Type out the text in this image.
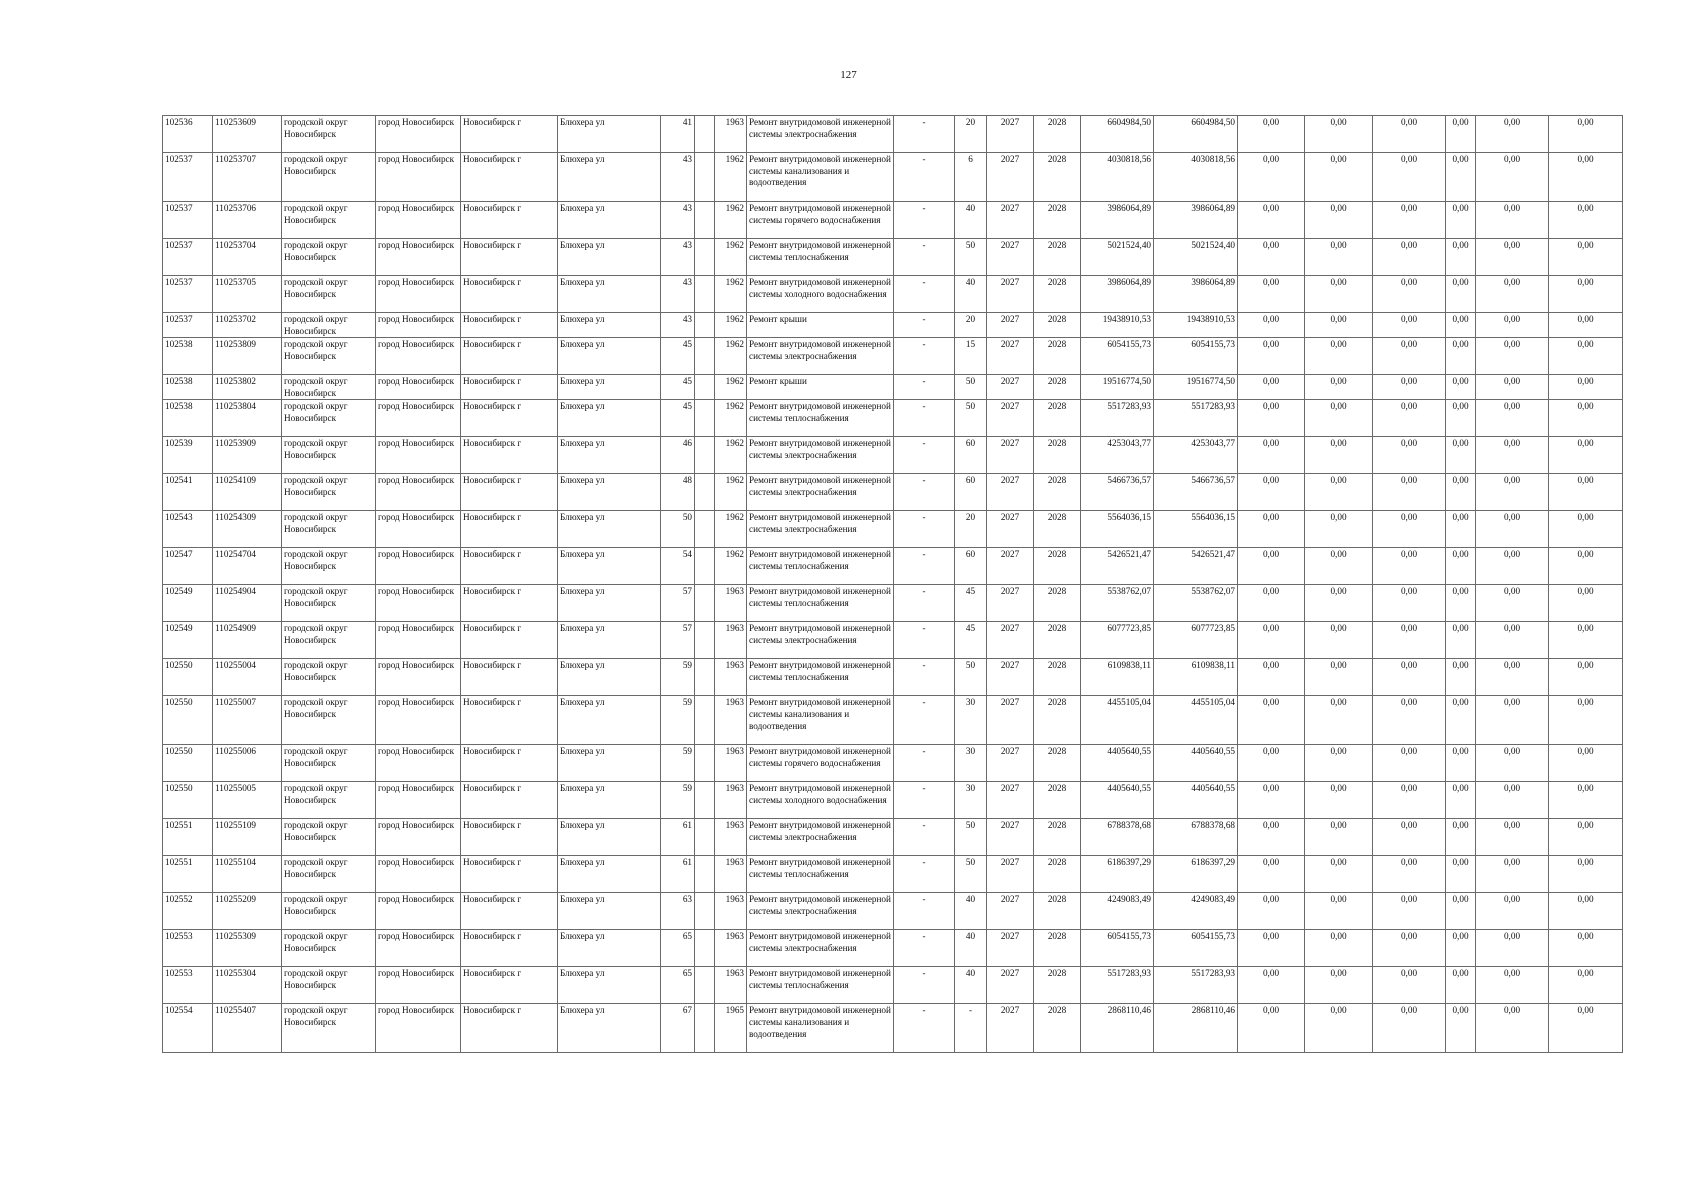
127
102536	110253609	городской округ Новосибирск	город Новосибирск	Новосибирск г	Блюхера ул	41		1963	Ремонт внутридомовой инженерной системы электроснабжения	-	20	2027	2028	6604984,50	6604984,50	0,00	0,00	0,00	0,00	0,00	0,00
102537	110253707	городской округ Новосибирск	город Новосибирск	Новосибирск г	Блюхера ул	43		1962	Ремонт внутридомовой инженерной системы канализования и водоотведения	-	6	2027	2028	4030818,56	4030818,56	0,00	0,00	0,00	0,00	0,00	0,00
102537	110253706	городской округ Новосибирск	город Новосибирск	Новосибирск г	Блюхера ул	43		1962	Ремонт внутридомовой инженерной системы горячего водоснабжения	-	40	2027	2028	3986064,89	3986064,89	0,00	0,00	0,00	0,00	0,00	0,00
102537	110253704	городской округ Новосибирск	город Новосибирск	Новосибирск г	Блюхера ул	43		1962	Ремонт внутридомовой инженерной системы теплоснабжения	-	50	2027	2028	5021524,40	5021524,40	0,00	0,00	0,00	0,00	0,00	0,00
102537	110253705	городской округ Новосибирск	город Новосибирск	Новосибирск г	Блюхера ул	43		1962	Ремонт внутридомовой инженерной системы холодного водоснабжения	-	40	2027	2028	3986064,89	3986064,89	0,00	0,00	0,00	0,00	0,00	0,00
102537	110253702	городской округ Новосибирск	город Новосибирск	Новосибирск г	Блюхера ул	43		1962	Ремонт крыши	-	20	2027	2028	19438910,53	19438910,53	0,00	0,00	0,00	0,00	0,00	0,00
102538	110253809	городской округ Новосибирск	город Новосибирск	Новосибирск г	Блюхера ул	45		1962	Ремонт внутридомовой инженерной системы электроснабжения	-	15	2027	2028	6054155,73	6054155,73	0,00	0,00	0,00	0,00	0,00	0,00
102538	110253802	городской округ Новосибирск	город Новосибирск	Новосибирск г	Блюхера ул	45		1962	Ремонт крыши	-	50	2027	2028	19516774,50	19516774,50	0,00	0,00	0,00	0,00	0,00	0,00
102538	110253804	городской округ Новосибирск	город Новосибирск	Новосибирск г	Блюхера ул	45		1962	Ремонт внутридомовой инженерной системы теплоснабжения	-	50	2027	2028	5517283,93	5517283,93	0,00	0,00	0,00	0,00	0,00	0,00
102539	110253909	городской округ Новосибирск	город Новосибирск	Новосибирск г	Блюхера ул	46		1962	Ремонт внутридомовой инженерной системы электроснабжения	-	60	2027	2028	4253043,77	4253043,77	0,00	0,00	0,00	0,00	0,00	0,00
102541	110254109	городской округ Новосибирск	город Новосибирск	Новосибирск г	Блюхера ул	48		1962	Ремонт внутридомовой инженерной системы электроснабжения	-	60	2027	2028	5466736,57	5466736,57	0,00	0,00	0,00	0,00	0,00	0,00
102543	110254309	городской округ Новосибирск	город Новосибирск	Новосибирск г	Блюхера ул	50		1962	Ремонт внутридомовой инженерной системы электроснабжения	-	20	2027	2028	5564036,15	5564036,15	0,00	0,00	0,00	0,00	0,00	0,00
102547	110254704	городской округ Новосибирск	город Новосибирск	Новосибирск г	Блюхера ул	54		1962	Ремонт внутридомовой инженерной системы теплоснабжения	-	60	2027	2028	5426521,47	5426521,47	0,00	0,00	0,00	0,00	0,00	0,00
102549	110254904	городской округ Новосибирск	город Новосибирск	Новосибирск г	Блюхера ул	57		1963	Ремонт внутридомовой инженерной системы теплоснабжения	-	45	2027	2028	5538762,07	5538762,07	0,00	0,00	0,00	0,00	0,00	0,00
102549	110254909	городской округ Новосибирск	город Новосибирск	Новосибирск г	Блюхера ул	57		1963	Ремонт внутридомовой инженерной системы электроснабжения	-	45	2027	2028	6077723,85	6077723,85	0,00	0,00	0,00	0,00	0,00	0,00
102550	110255004	городской округ Новосибирск	город Новосибирск	Новосибирск г	Блюхера ул	59		1963	Ремонт внутридомовой инженерной системы теплоснабжения	-	50	2027	2028	6109838,11	6109838,11	0,00	0,00	0,00	0,00	0,00	0,00
102550	110255007	городской округ Новосибирск	город Новосибирск	Новосибирск г	Блюхера ул	59		1963	Ремонт внутридомовой инженерной системы канализования и водоотведения	-	30	2027	2028	4455105,04	4455105,04	0,00	0,00	0,00	0,00	0,00	0,00
102550	110255006	городской округ Новосибирск	город Новосибирск	Новосибирск г	Блюхера ул	59		1963	Ремонт внутридомовой инженерной системы горячего водоснабжения	-	30	2027	2028	4405640,55	4405640,55	0,00	0,00	0,00	0,00	0,00	0,00
102550	110255005	городской округ Новосибирск	город Новосибирск	Новосибирск г	Блюхера ул	59		1963	Ремонт внутридомовой инженерной системы холодного водоснабжения	-	30	2027	2028	4405640,55	4405640,55	0,00	0,00	0,00	0,00	0,00	0,00
102551	110255109	городской округ Новосибирск	город Новосибирск	Новосибирск г	Блюхера ул	61		1963	Ремонт внутридомовой инженерной системы электроснабжения	-	50	2027	2028	6788378,68	6788378,68	0,00	0,00	0,00	0,00	0,00	0,00
102551	110255104	городской округ Новосибирск	город Новосибирск	Новосибирск г	Блюхера ул	61		1963	Ремонт внутридомовой инженерной системы теплоснабжения	-	50	2027	2028	6186397,29	6186397,29	0,00	0,00	0,00	0,00	0,00	0,00
102552	110255209	городской округ Новосибирск	город Новосибирск	Новосибирск г	Блюхера ул	63		1963	Ремонт внутридомовой инженерной системы электроснабжения	-	40	2027	2028	4249083,49	4249083,49	0,00	0,00	0,00	0,00	0,00	0,00
102553	110255309	городской округ Новосибирск	город Новосибирск	Новосибирск г	Блюхера ул	65		1963	Ремонт внутридомовой инженерной системы электроснабжения	-	40	2027	2028	6054155,73	6054155,73	0,00	0,00	0,00	0,00	0,00	0,00
102553	110255304	городской округ Новосибирск	город Новосибирск	Новосибирск г	Блюхера ул	65		1963	Ремонт внутридомовой инженерной системы теплоснабжения	-	40	2027	2028	5517283,93	5517283,93	0,00	0,00	0,00	0,00	0,00	0,00
102554	110255407	городской округ Новосибирск	город Новосибирск	Новосибирск г	Блюхера ул	67		1965	Ремонт внутридомовой инженерной системы канализования и водоотведения	-	-	2027	2028	2868110,46	2868110,46	0,00	0,00	0,00	0,00	0,00	0,00
